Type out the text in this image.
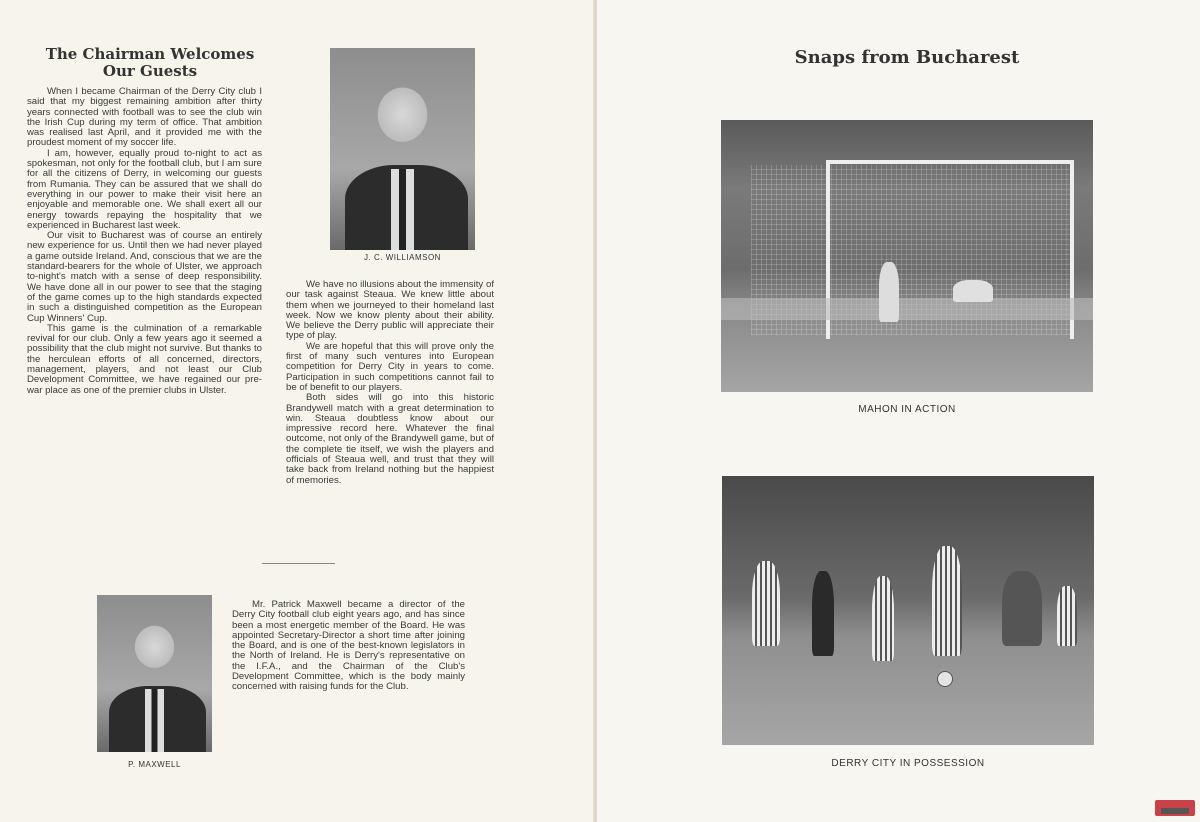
The Chairman Welcomes
Our Guests

When I became Chairman of the Derry City club I said that my biggest remaining ambition after thirty years connected with football was to see the club win the Irish Cup during my term of office. That ambition was realised last April, and it provided me with the proudest moment of my soccer life.

I am, however, equally proud to-night to act as spokesman, not only for the football club, but I am sure for all the citizens of Derry, in welcoming our guests from Rumania. They can be assured that we shall do everything in our power to make their visit here an enjoyable and memorable one. We shall exert all our energy towards repaying the hospitality that we experienced in Bucharest last week.

Our visit to Bucharest was of course an entirely new experience for us. Until then we had never played a game outside Ireland. And, conscious that we are the standard-bearers for the whole of Ulster, we approach to-night's match with a sense of deep responsibility. We have done all in our power to see that the staging of the game comes up to the high standards expected in such a distinguished competition as the European Cup Winners' Cup.

This game is the culmination of a remarkable revival for our club. Only a few years ago it seemed a possibility that the club might not survive. But thanks to the herculean efforts of all concerned, directors, management, players, and not least our Club Development Committee, we have regained our pre-war place as one of the premier clubs in Ulster.

J. C. WILLIAMSON

We have no illusions about the immensity of our task against Steaua. We knew little about them when we journeyed to their homeland last week. Now we know plenty about their ability. We believe the Derry public will appreciate their type of play.

We are hopeful that this will prove only the first of many such ventures into European competition for Derry City in years to come. Participation in such competitions cannot fail to be of benefit to our players.

Both sides will go into this historic Brandywell match with a great determination to win. Steaua doubtless know about our impressive record here. Whatever the final outcome, not only of the Brandywell game, but of the complete tie itself, we wish the players and officials of Steaua well, and trust that they will take back from Ireland nothing but the happiest of memories.

P. MAXWELL

Mr. Patrick Maxwell became a director of the Derry City football club eight years ago, and has since been a most energetic member of the Board. He was appointed Secretary-Director a short time after joining the Board, and is one of the best-known legislators in the North of Ireland. He is Derry's representative on the I.F.A., and the Chairman of the Club's Development Committee, which is the body mainly concerned with raising funds for the Club.

Snaps from Bucharest
MAHON IN ACTION
DERRY CITY IN POSSESSION
